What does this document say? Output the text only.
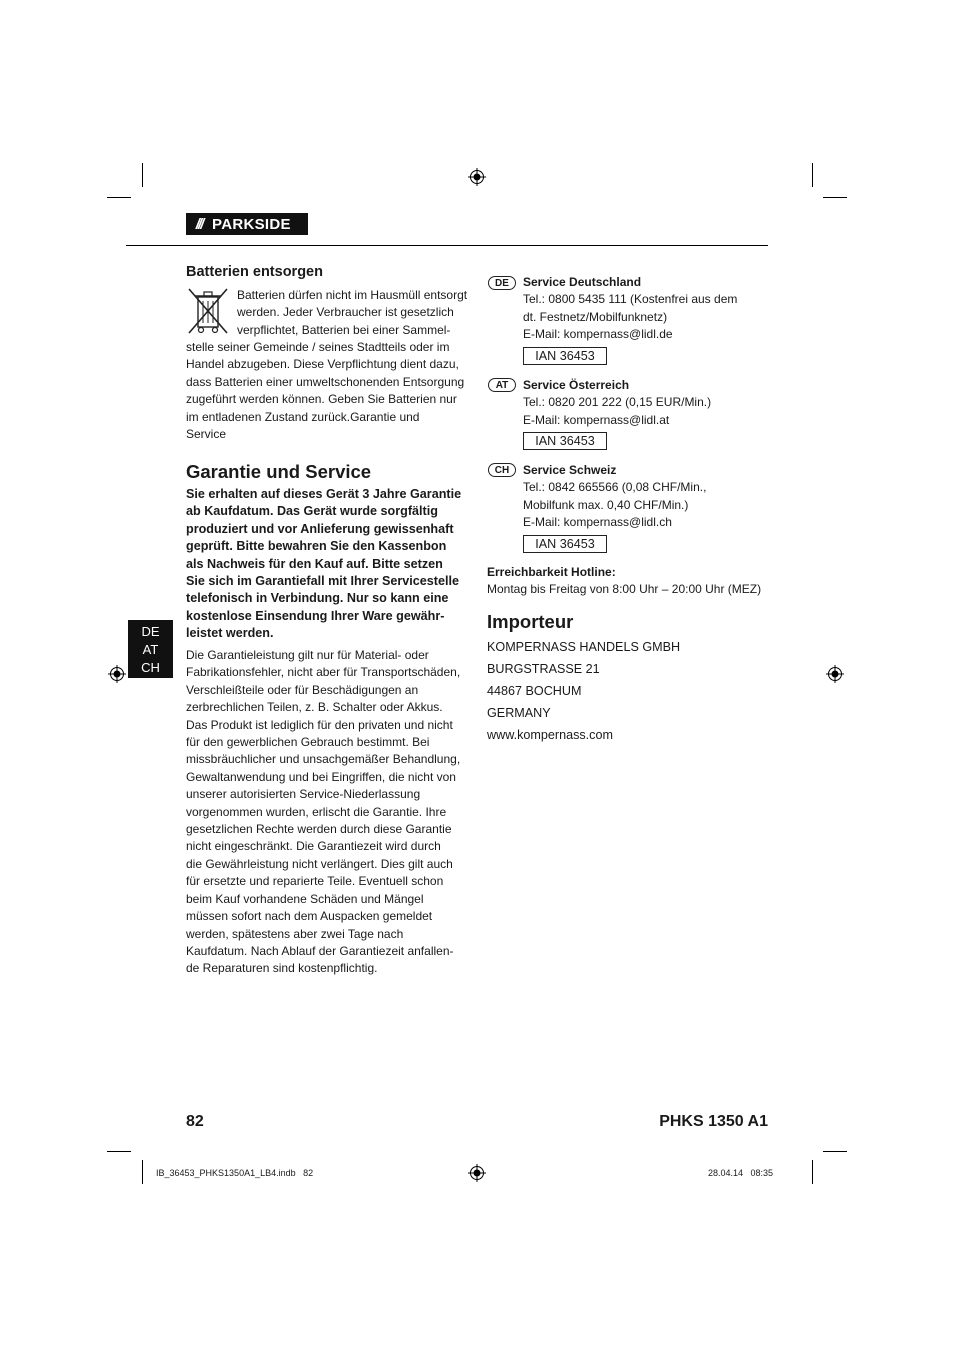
/// PARKSIDE
DE
AT
CH
Batterien entsorgen
Batterien dürfen nicht im Hausmüll entsorgt
werden. Jeder Verbraucher ist gesetzlich
verpflichtet, Batterien bei einer Sammel-
stelle seiner Gemeinde / seines Stadtteils oder im
Handel abzugeben. Diese Verpflichtung dient dazu,
dass Batterien einer umweltschonenden Entsorgung
zugeführt werden können. Geben Sie Batterien nur
im entladenen Zustand zurück.Garantie und
Service
Garantie und Service
Sie erhalten auf dieses Gerät 3 Jahre Garantie
ab Kaufdatum. Das Gerät wurde sorgfältig
produziert und vor Anlieferung gewissenhaft
geprüft. Bitte bewahren Sie den Kassenbon
als Nachweis für den Kauf auf. Bitte setzen
Sie sich im Garantiefall mit Ihrer Servicestelle
telefonisch in Verbindung. Nur so kann eine
kostenlose Einsendung Ihrer Ware gewähr-
leistet werden.
Die Garantieleistung gilt nur für Material- oder
Fabrikationsfehler, nicht aber für Transportschäden,
Verschleißteile oder für Beschädigungen an
zerbrechlichen Teilen, z. B. Schalter oder Akkus.
Das Produkt ist lediglich für den privaten und nicht
für den gewerblichen Gebrauch bestimmt. Bei
missbräuchlicher und unsachgemäßer Behandlung,
Gewaltanwendung und bei Eingriffen, die nicht von
unserer autorisierten Service-Niederlassung
vorgenommen wurden, erlischt die Garantie. Ihre
gesetzlichen Rechte werden durch diese Garantie
nicht eingeschränkt. Die Garantiezeit wird durch
die Gewährleistung nicht verlängert. Dies gilt auch
für ersetzte und reparierte Teile. Eventuell schon
beim Kauf vorhandene Schäden und Mängel
müssen sofort nach dem Auspacken gemeldet
werden, spätestens aber zwei Tage nach
Kaufdatum. Nach Ablauf der Garantiezeit anfallen-
de Reparaturen sind kostenpflichtig.
DE	Service Deutschland
Tel.: 0800 5435 111 (Kostenfrei aus dem
dt. Festnetz/Mobilfunknetz)
E-Mail: kompernass@lidl.de
IAN 36453
AT	Service Österreich
Tel.: 0820 201 222 (0,15 EUR/Min.)
E-Mail: kompernass@lidl.at
IAN 36453
CH	Service Schweiz
Tel.: 0842 665566 (0,08 CHF/Min.,
Mobilfunk max. 0,40 CHF/Min.)
E-Mail: kompernass@lidl.ch
IAN 36453
Erreichbarkeit Hotline:
Montag bis Freitag von 8:00 Uhr – 20:00 Uhr (MEZ)
Importeur
KOMPERNASS HANDELS GMBH
BURGSTRASSE 21
44867 BOCHUM
GERMANY
www.kompernass.com
82	PHKS 1350 A1
IB_36453_PHKS1350A1_LB4.indb   82	28.04.14   08:35
